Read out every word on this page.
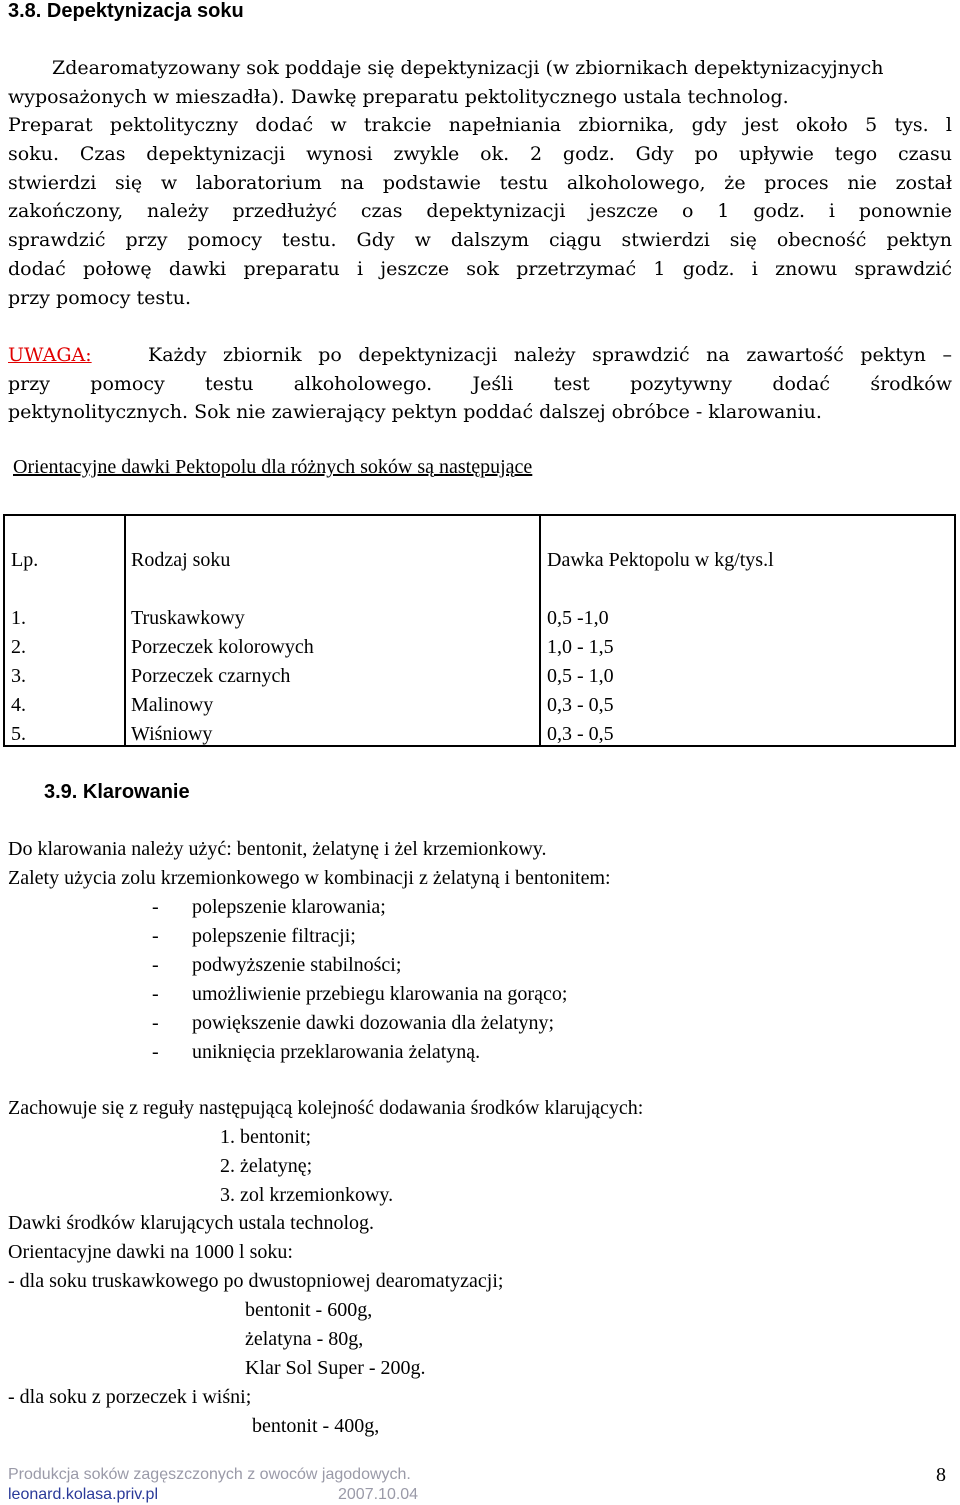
3.8. Depektynizacja soku
Zdearomatyzowany sok poddaje się depektynizacji (w zbiornikach depektynizacyjnych
wyposażonych w mieszadła). Dawkę preparatu pektolitycznego ustala technolog.
Preparat pektolityczny dodać w trakcie napełniania zbiornika, gdy jest około 5 tys. l
soku. Czas depektynizacji wynosi zwykle ok. 2 godz. Gdy po upływie tego czasu
stwierdzi się w laboratorium na podstawie testu alkoholowego, że proces nie został
zakończony, należy przedłużyć czas depektynizacji jeszcze o 1 godz. i ponownie
sprawdzić przy pomocy testu. Gdy w dalszym ciągu stwierdzi się obecność pektyn
dodać połowę dawki preparatu i jeszcze sok przetrzymać 1 godz. i znowu sprawdzić
przy pomocy testu.
UWAGA:	Każdy zbiornik po depektynizacji należy sprawdzić na zawartość pektyn –
przy pomocy testu alkoholowego. Jeśli test pozytywny dodać środków
pektynolitycznych. Sok nie zawierający pektyn poddać dalszej obróbce - klarowaniu.
Orientacyjne dawki Pektopolu dla różnych soków są następujące
Lp.	Rodzaj soku	Dawka Pektopolu w kg/tys.l
1.	Truskawkowy	0,5 -1,0
2.	Porzeczek kolorowych	1,0 - 1,5
3.	Porzeczek czarnych	0,5 - 1,0
4.	Malinowy	0,3 - 0,5
5.	Wiśniowy	0,3 - 0,5
3.9. Klarowanie
Do klarowania należy użyć: bentonit, żelatynę i żel krzemionkowy.
Zalety użycia zolu krzemionkowego w kombinacji z żelatyną i bentonitem:
- polepszenie klarowania;
- polepszenie filtracji;
- podwyższenie stabilności;
- umożliwienie przebiegu klarowania na gorąco;
- powiększenie dawki dozowania dla żelatyny;
- uniknięcia przeklarowania żelatyną.
Zachowuje się z reguły następującą kolejność dodawania środków klarujących:
1. bentonit;
2. żelatynę;
3. zol krzemionkowy.
Dawki środków klarujących ustala technolog.
Orientacyjne dawki na 1000 l soku:
- dla soku truskawkowego po dwustopniowej dearomatyzacji;
bentonit - 600g,
żelatyna - 80g,
Klar Sol Super - 200g.
- dla soku z porzeczek i wiśni;
bentonit - 400g,
Produkcja soków zagęszczonych z owoców jagodowych.
leonard.kolasa.priv.pl	2007.10.04
8
